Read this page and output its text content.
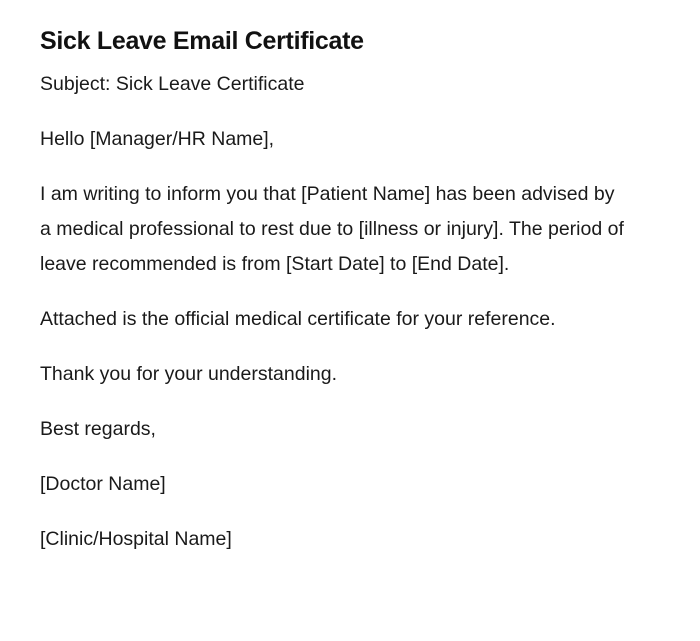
Sick Leave Email Certificate

Subject: Sick Leave Certificate

Hello [Manager/HR Name],

I am writing to inform you that [Patient Name] has been advised by a medical professional to rest due to [illness or injury]. The period of leave recommended is from [Start Date] to [End Date].

Attached is the official medical certificate for your reference.

Thank you for your understanding.

Best regards,

[Doctor Name]

[Clinic/Hospital Name]
